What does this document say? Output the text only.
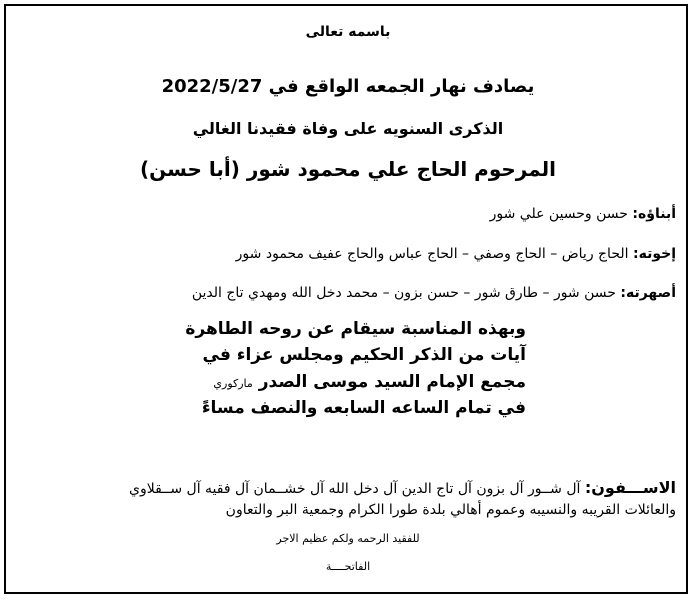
باسمه تعالى
يصادف نهار الجمعه الواقع في 2022/5/27
الذكرى السنويه على وفاة فقيدنا الغالي
المرحوم الحاج علي محمود شور (أبا حسن)
أبناؤه: حسن وحسين علي شور
إخوته: الحاج رياض – الحاج وصفي – الحاج عباس والحاج عفيف محمود شور
أصهرته: حسن شور – طارق شور – حسن بزون – محمد دخل الله ومهدي تاج الدين
وبهذه المناسبة سيقام عن روحه الطاهرة
آيات من الذكر الحكيم ومجلس عزاء في
مجمع الإمام السيد موسى الصدر ماركوري
في تمام الساعه السابعه والنصف مساءً
الاســـفون: آل شــور آل بزون آل تاج الدين آل دخل الله آل خشــمان آل فقيه آل ســقلاوي
والعائلات القريبه والنسيبه وعموم أهالي بلدة طورا الكرام وجمعية البر والتعاون
للفقيد الرحمه ولكم عظيم الاجر
الفاتحــــة
